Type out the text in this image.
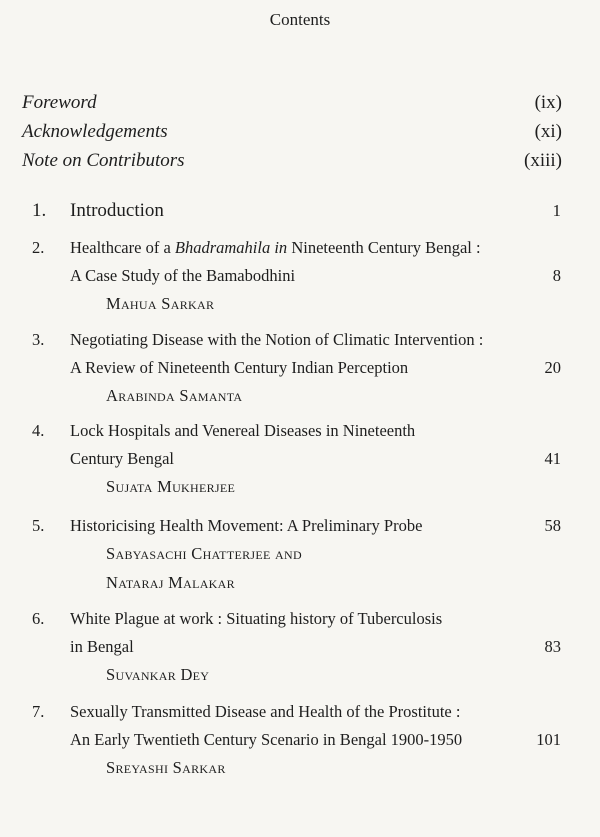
Contents
Foreword	(ix)
Acknowledgements	(xi)
Note on Contributors	(xiii)
1. Introduction	1
2. Healthcare of a Bhadramahila in Nineteenth Century Bengal :
A Case Study of the Bamabodhini	8
Mahua Sarkar
3. Negotiating Disease with the Notion of Climatic Intervention :
A Review of Nineteenth Century Indian Perception	20
Arabinda Samanta
4. Lock Hospitals and Venereal Diseases in Nineteenth
Century Bengal	41
Sujata Mukherjee
5. Historicising Health Movement: A Preliminary Probe	58
Sabyasachi Chatterjee and
Nataraj Malakar
6. White Plague at work : Situating history of Tuberculosis
in Bengal	83
Suvankar Dey
7. Sexually Transmitted Disease and Health of the Prostitute :
An Early Twentieth Century Scenario in Bengal 1900-1950	101
Sreyashi Sarkar
